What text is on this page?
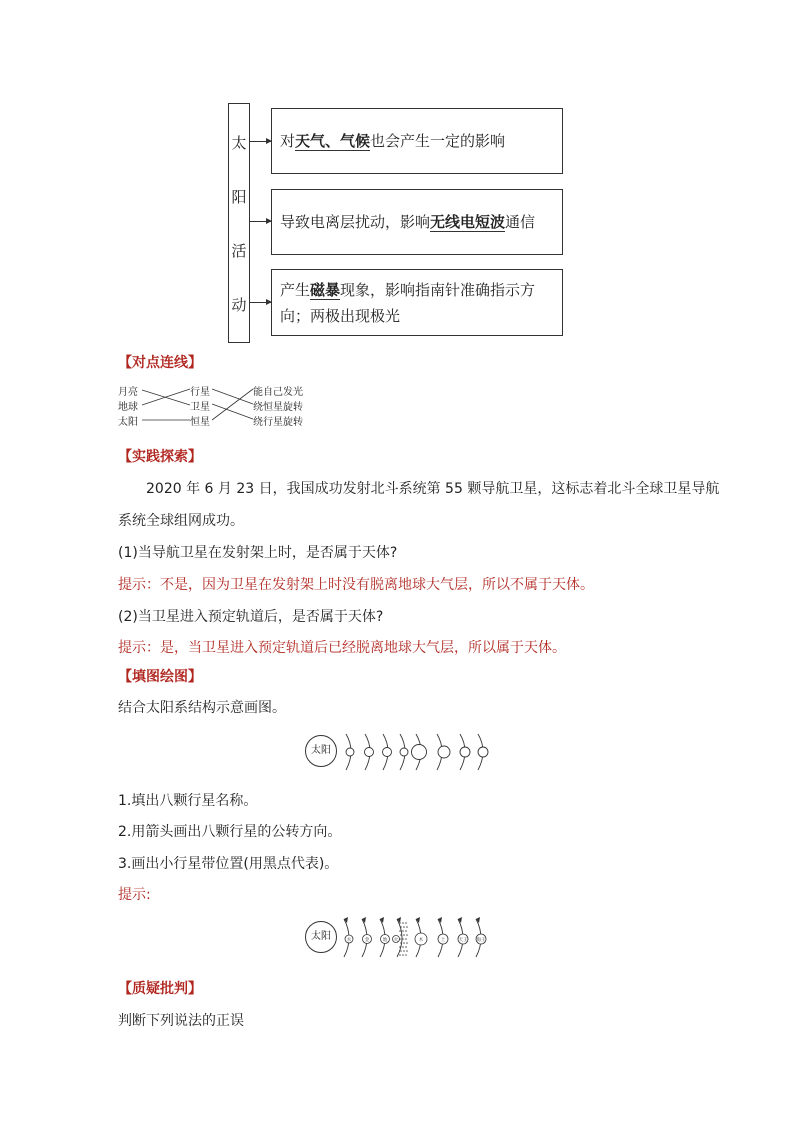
太
阳
活
动
对天气、气候也会产生一定的影响
导致电离层扰动，影响无线电短波通信
产生磁暴现象，影响指南针准确指示方向；两极出现极光
【对点连线】
月亮
地球
太阳
行星
卫星
恒星
能自己发光
绕恒星旋转
绕行星旋转
【实践探索】
2020 年 6 月 23 日，我国成功发射北斗系统第 55 颗导航卫星，这标志着北斗全球卫星导航
系统全球组网成功。
(1)当导航卫星在发射架上时，是否属于天体?
提示：不是，因为卫星在发射架上时没有脱离地球大气层，所以不属于天体。
(2)当卫星进入预定轨道后，是否属于天体?
提示：是，当卫星进入预定轨道后已经脱离地球大气层，所以属于天体。
【填图绘图】
结合太阳系结构示意画图。
太阳
1.填出八颗行星名称。
2.用箭头画出八颗行星的公转方向。
3.画出小行星带位置(用黑点代表)。
提示:
太阳	水	金	地 火	木	土	天王 海王
【质疑批判】
判断下列说法的正误
